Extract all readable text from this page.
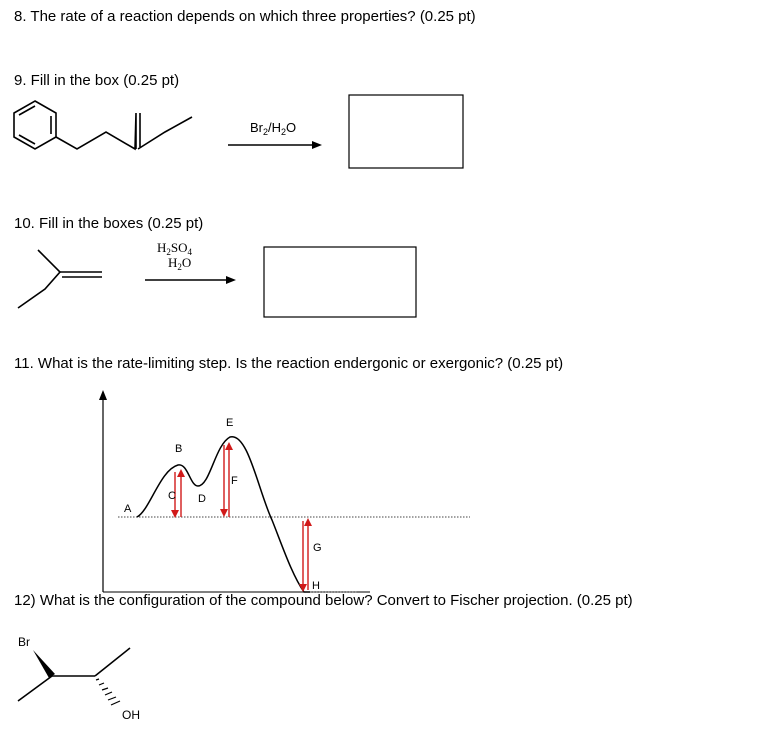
8. The rate of a reaction depends on which three properties? (0.25 pt)
9. Fill in the box (0.25 pt)
10. Fill in the boxes (0.25 pt)
11. What is the rate-limiting step. Is the reaction endergonic or exergonic? (0.25 pt)
12) What is the configuration of the compound below? Convert to Fischer projection. (0.25 pt)
$Br_2/H_2O$
$H_2SO_4$
$H_2O$
A
B
C D
E
F
G
H
Br
OH
